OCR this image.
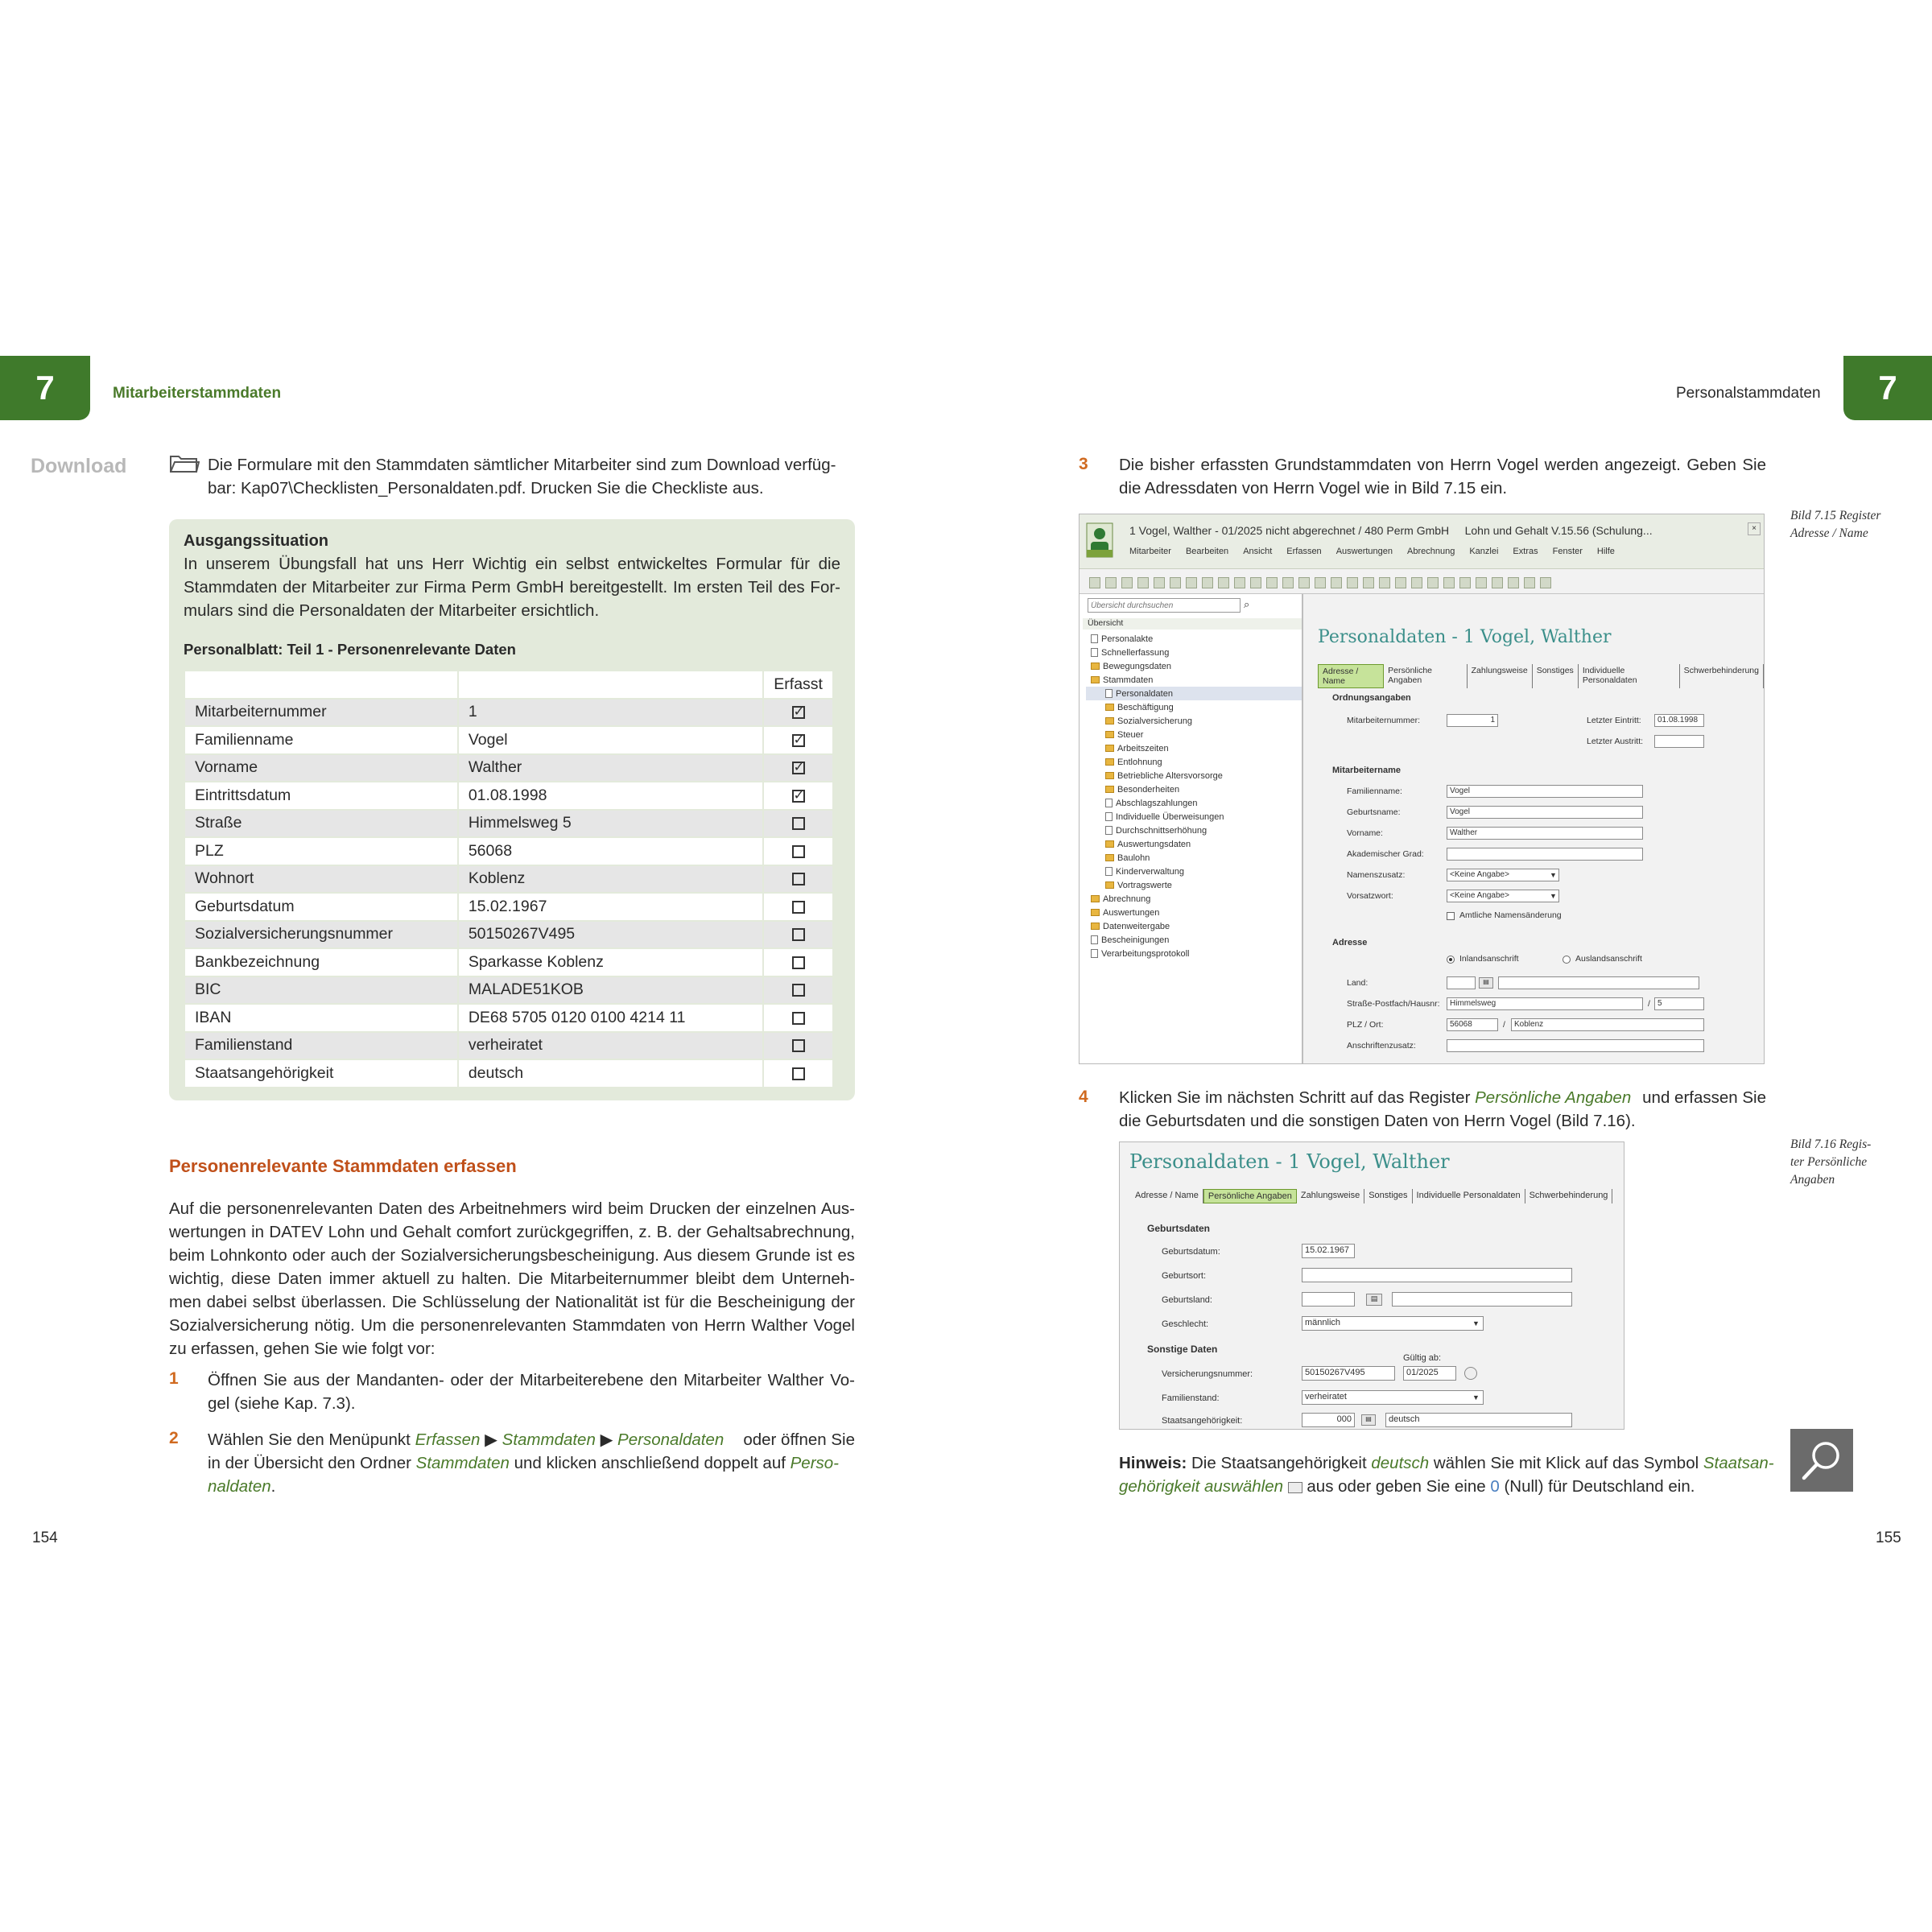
7	Mitarbeiterstammdaten
Download	Die Formulare mit den Stammdaten sämtlicher Mitarbeiter sind zum Download verfüg-
bar: Kap07\Checklisten_Personaldaten.pdf. Drucken Sie die Checkliste aus.
Ausgangssituation
In unserem Übungsfall hat uns Herr Wichtig ein selbst entwickeltes Formular für die
Stammdaten der Mitarbeiter zur Firma Perm GmbH bereitgestellt. Im ersten Teil des For-
mulars sind die Personaldaten der Mitarbeiter ersichtlich.
Personalblatt: Teil 1 - Personenrelevante Daten
		Erfasst
Mitarbeiternummer	1	✓
Familienname	Vogel	✓
Vorname	Walther	✓
Eintrittsdatum	01.08.1998	✓
Straße	Himmelsweg 5	
PLZ	56068	
Wohnort	Koblenz	
Geburtsdatum	15.02.1967	
Sozialversicherungsnummer	50150267V495	
Bankbezeichnung	Sparkasse Koblenz	
BIC	MALADE51KOB	
IBAN	DE68 5705 0120 0100 4214 11	
Familienstand	verheiratet	
Staatsangehörigkeit	deutsch	
Personenrelevante Stammdaten erfassen
Auf die personenrelevanten Daten des Arbeitnehmers wird beim Drucken der einzelnen Aus-
wertungen in DATEV Lohn und Gehalt comfort zurückgegriffen, z. B. der Gehaltsabrechnung,
beim Lohnkonto oder auch der Sozialversicherungsbescheinigung. Aus diesem Grunde ist es
wichtig, diese Daten immer aktuell zu halten. Die Mitarbeiternummer bleibt dem Unterneh-
men dabei selbst überlassen. Die Schlüsselung der Nationalität ist für die Bescheinigung der
Sozialversicherung nötig. Um die personenrelevanten Stammdaten von Herrn Walther Vogel
zu erfassen, gehen Sie wie folgt vor:
1 Öffnen Sie aus der Mandanten- oder der Mitarbeiterebene den Mitarbeiter Walther Vo-
gel (siehe Kap. 7.3).
2 Wählen Sie den Menüpunkt Erfassen ▶ Stammdaten ▶ Personaldaten oder öffnen Sie
in der Übersicht den Ordner Stammdaten und klicken anschließend doppelt auf Perso-
naldaten.
154
7
Personalstammdaten
3 Die bisher erfassten Grundstammdaten von Herrn Vogel werden angezeigt. Geben Sie
die Adressdaten von Herrn Vogel wie in Bild 7.15 ein.
Bild 7.15 Register
Adresse / Name
1 Vogel, Walther - 01/2025 nicht abgerechnet / 480 Perm GmbH     Lohn und Gehalt V.15.56 (Schulung...	×
Mitarbeiter Bearbeiten Ansicht Erfassen Auswertungen Abrechnung Kanzlei Extras Fenster Hilfe
Übersicht durchsuchen
⌕
Übersicht
Personalakte
Schnellerfassung
Bewegungsdaten
Stammdaten
Personaldaten
Beschäftigung
Sozialversicherung
Steuer
Arbeitszeiten
Entlohnung
Betriebliche Altersvorsorge
Besonderheiten
Abschlagszahlungen
Individuelle Überweisungen
Durchschnittserhöhung
Auswertungsdaten
Baulohn
Kinderverwaltung
Vortragswerte
Abrechnung
Auswertungen
Datenweitergabe
Bescheinigungen
Verarbeitungsprotokoll
Personaldaten - 1 Vogel, Walther
Adresse / Name
Persönliche Angaben
Zahlungsweise	Sonstiges	Individuelle Personaldaten
Schwerbehinderung
Ordnungsangaben
Mitarbeiternummer:	1	Letzter Eintritt:	01.08.1998
Letzter Austritt:
Mitarbeitername
Familienname:	Vogel
Geburtsname:	Vogel
Vorname:	Walther
Akademischer Grad:
Namenszusatz:	<Keine Angabe>	▼
Vorsatzwort:	<Keine Angabe>	▼
Amtliche Namensänderung
Adresse
Inlandsanschrift	Auslandsanschrift
Land:	▤
Straße-Postfach/Hausnr:	Himmelsweg	/ 5
PLZ / Ort:	56068	/	Koblenz
Anschriftenzusatz:
4 Klicken Sie im nächsten Schritt auf das Register Persönliche Angaben und erfassen Sie
die Geburtsdaten und die sonstigen Daten von Herrn Vogel (Bild 7.16).
Bild 7.16 Regis-
ter Persönliche
Angaben
Personaldaten - 1 Vogel, Walther
Adresse / Name	Persönliche Angaben	Zahlungsweise	Sonstiges	Individuelle Personaldaten	Schwerbehinderung
Geburtsdaten
Geburtsdatum:	15.02.1967
Geburtsort:
Geburtsland:	▤
Geschlecht:	männlich	▼
Sonstige Daten
Gültig ab:
Versicherungsnummer:	50150267V495	01/2025
Familienstand:	verheiratet	▼
Staatsangehörigkeit:	000	▤	deutsch
Hinweis: Die Staatsangehörigkeit deutsch wählen Sie mit Klick auf das Symbol Staatsan-
gehörigkeit auswählen  aus oder geben Sie eine 0 (Null) für Deutschland ein.
155
